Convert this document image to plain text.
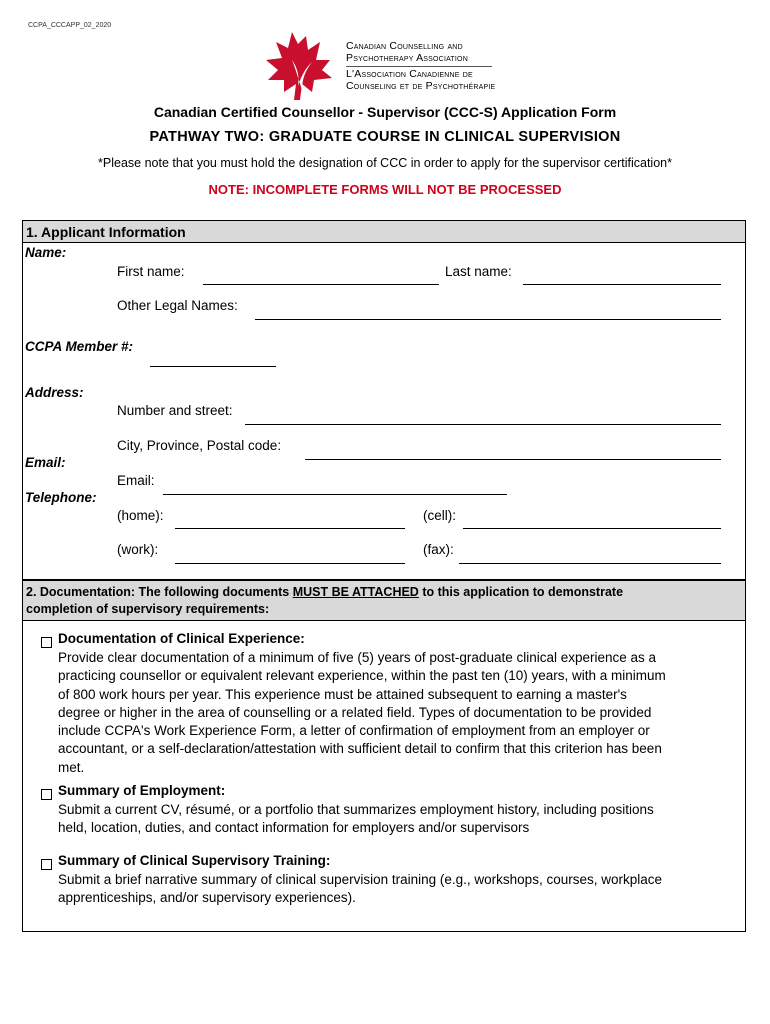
CCPA_CCCAPP_02_2020
Canadian Counselling and
Psychotherapy Association
L'Association Canadienne de
Counseling et de Psychothérapie
Canadian Certified Counsellor - Supervisor (CCC-S) Application Form
PATHWAY TWO: GRADUATE COURSE IN CLINICAL SUPERVISION
*Please note that you must hold the designation of CCC in order to apply for the supervisor certification*
NOTE: INCOMPLETE FORMS WILL NOT BE PROCESSED
1. Applicant Information
Name:
First name:	Last name:
Other Legal Names:
CCPA Member #:
Address:
Number and street:
City, Province, Postal code:
Email:
Email:
Telephone:
(home):	(cell):
(work):	(fax):
2. Documentation: The following documents MUST BE ATTACHED to this application to demonstrate
completion of supervisory requirements:
Documentation of Clinical Experience:
Provide clear documentation of a minimum of five (5) years of post-graduate clinical experience as a
practicing counsellor or equivalent relevant experience, within the past ten (10) years, with a minimum
of 800 work hours per year. This experience must be attained subsequent to earning a master's
degree or higher in the area of counselling or a related field. Types of documentation to be provided
include CCPA's Work Experience Form, a letter of confirmation of employment from an employer or
accountant, or a self-declaration/attestation with sufficient detail to confirm that this criterion has been
met.
Summary of Employment:
Submit a current CV, résumé, or a portfolio that summarizes employment history, including positions
held, location, duties, and contact information for employers and/or supervisors
Summary of Clinical Supervisory Training:
Submit a brief narrative summary of clinical supervision training (e.g., workshops, courses, workplace
apprenticeships, and/or supervisory experiences).
